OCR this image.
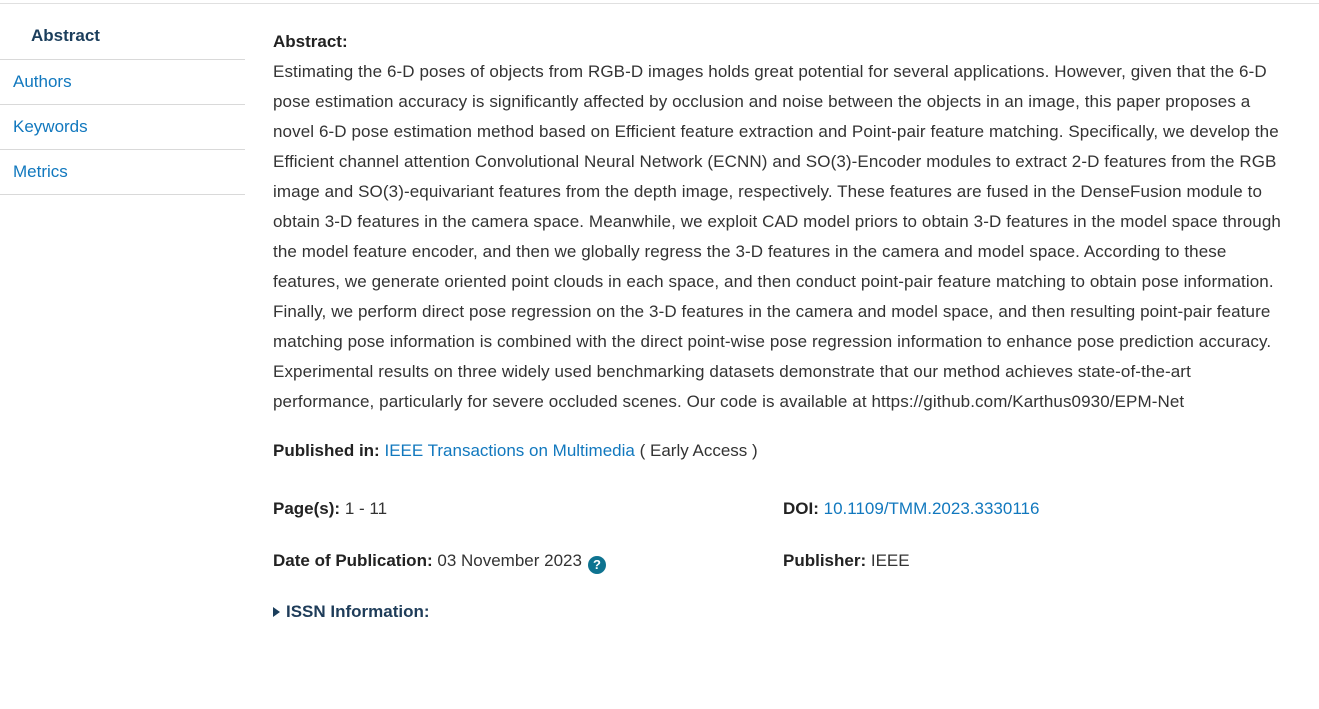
Abstract
Authors
Keywords
Metrics
Abstract:

Estimating the 6-D poses of objects from RGB-D images holds great potential for several applications. However, given that the 6-D pose estimation accuracy is significantly affected by occlusion and noise between the objects in an image, this paper proposes a novel 6-D pose estimation method based on Efficient feature extraction and Point-pair feature matching. Specifically, we develop the Efficient channel attention Convolutional Neural Network (ECNN) and SO(3)-Encoder modules to extract 2-D features from the RGB image and SO(3)-equivariant features from the depth image, respectively. These features are fused in the DenseFusion module to obtain 3-D features in the camera space. Meanwhile, we exploit CAD model priors to obtain 3-D features in the model space through the model feature encoder, and then we globally regress the 3-D features in the camera and model space. According to these features, we generate oriented point clouds in each space, and then conduct point-pair feature matching to obtain pose information. Finally, we perform direct pose regression on the 3-D features in the camera and model space, and then resulting point-pair feature matching pose information is combined with the direct point-wise pose regression information to enhance pose prediction accuracy. Experimental results on three widely used benchmarking datasets demonstrate that our method achieves state-of-the-art performance, particularly for severe occluded scenes. Our code is available at https://github.com/Karthus0930/EPM-Net

Published in: IEEE Transactions on Multimedia ( Early Access )
Page(s): 1 - 11	DOI: 10.1109/TMM.2023.3330116
Date of Publication: 03 November 2023 ?	Publisher: IEEE
ISSN Information:
